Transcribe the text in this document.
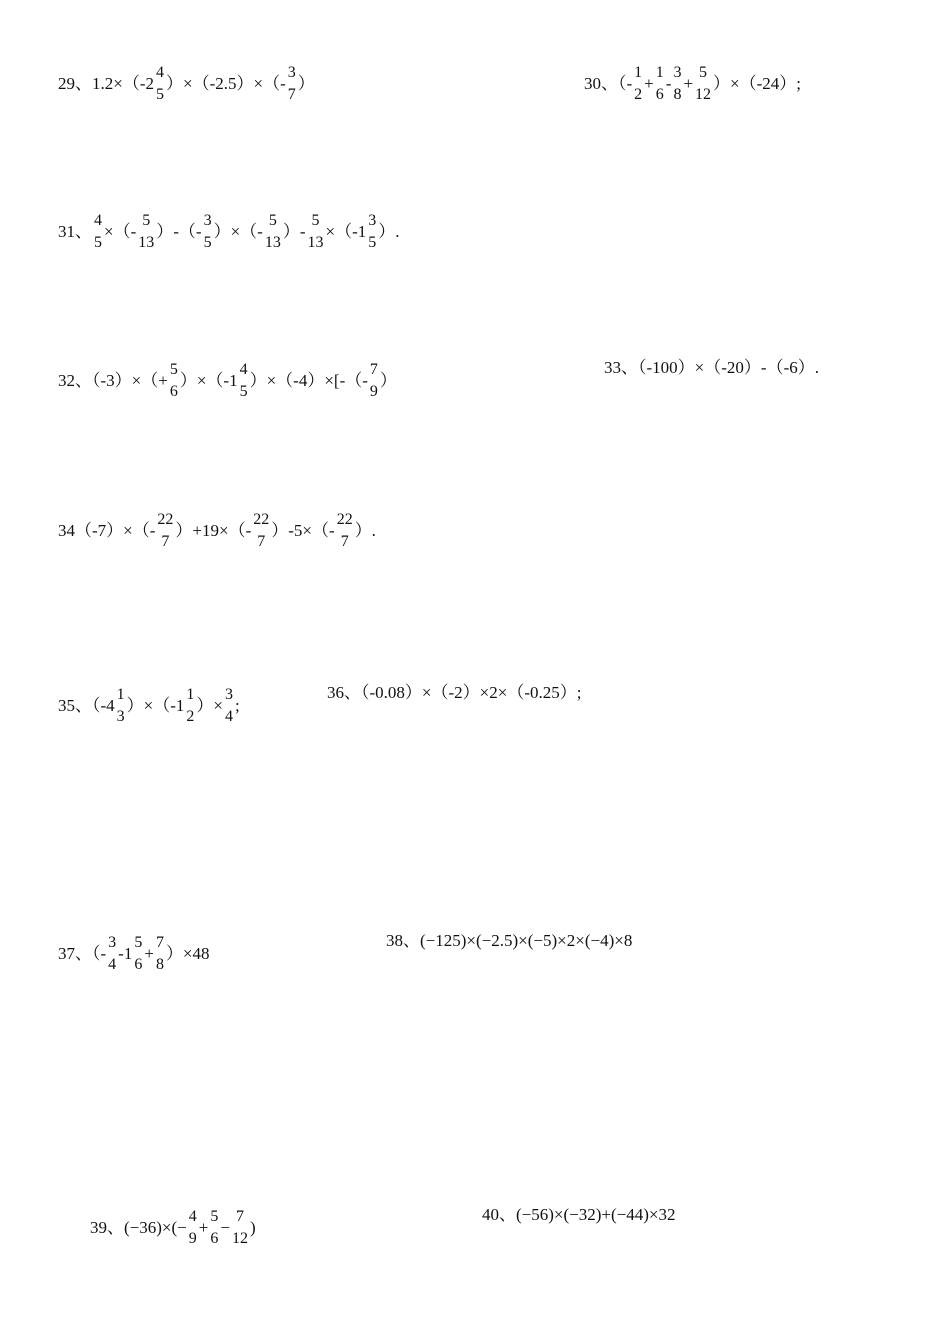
29、1.2×（-2
4
5
）×（-2.5）×（-
3
7
）	30、（-
1
2
+
1
6
-
3
8
+
5
12
）×（-24）;
31、
4
5
×（-
5
13
）-（-
3
5
）×（-
5
13
）-
5
13
×（-1
3
5
）.
32、（-3）×（+
5
6
）×（-1
4
5
）×（-4）×[-（-
7
9
）
33、（-100）×（-20）-（-6）.
34（-7）×（-
22
7
）+19×（-
22
7
）-5×（-
22
7
）.
35、（-4
1
3
）×（-1
1
2
）×
3
4
;
36、（-0.08）×（-2）×2×（-0.25）;
37、（-
3
4
-1
5
6
+
7
8
）×48
38、(−125)×(−2.5)×(−5)×2×(−4)×8
39、(−36)×(−
4
9
+
5
6
−
7
12
)
40、(−56)×(−32)+(−44)×32
